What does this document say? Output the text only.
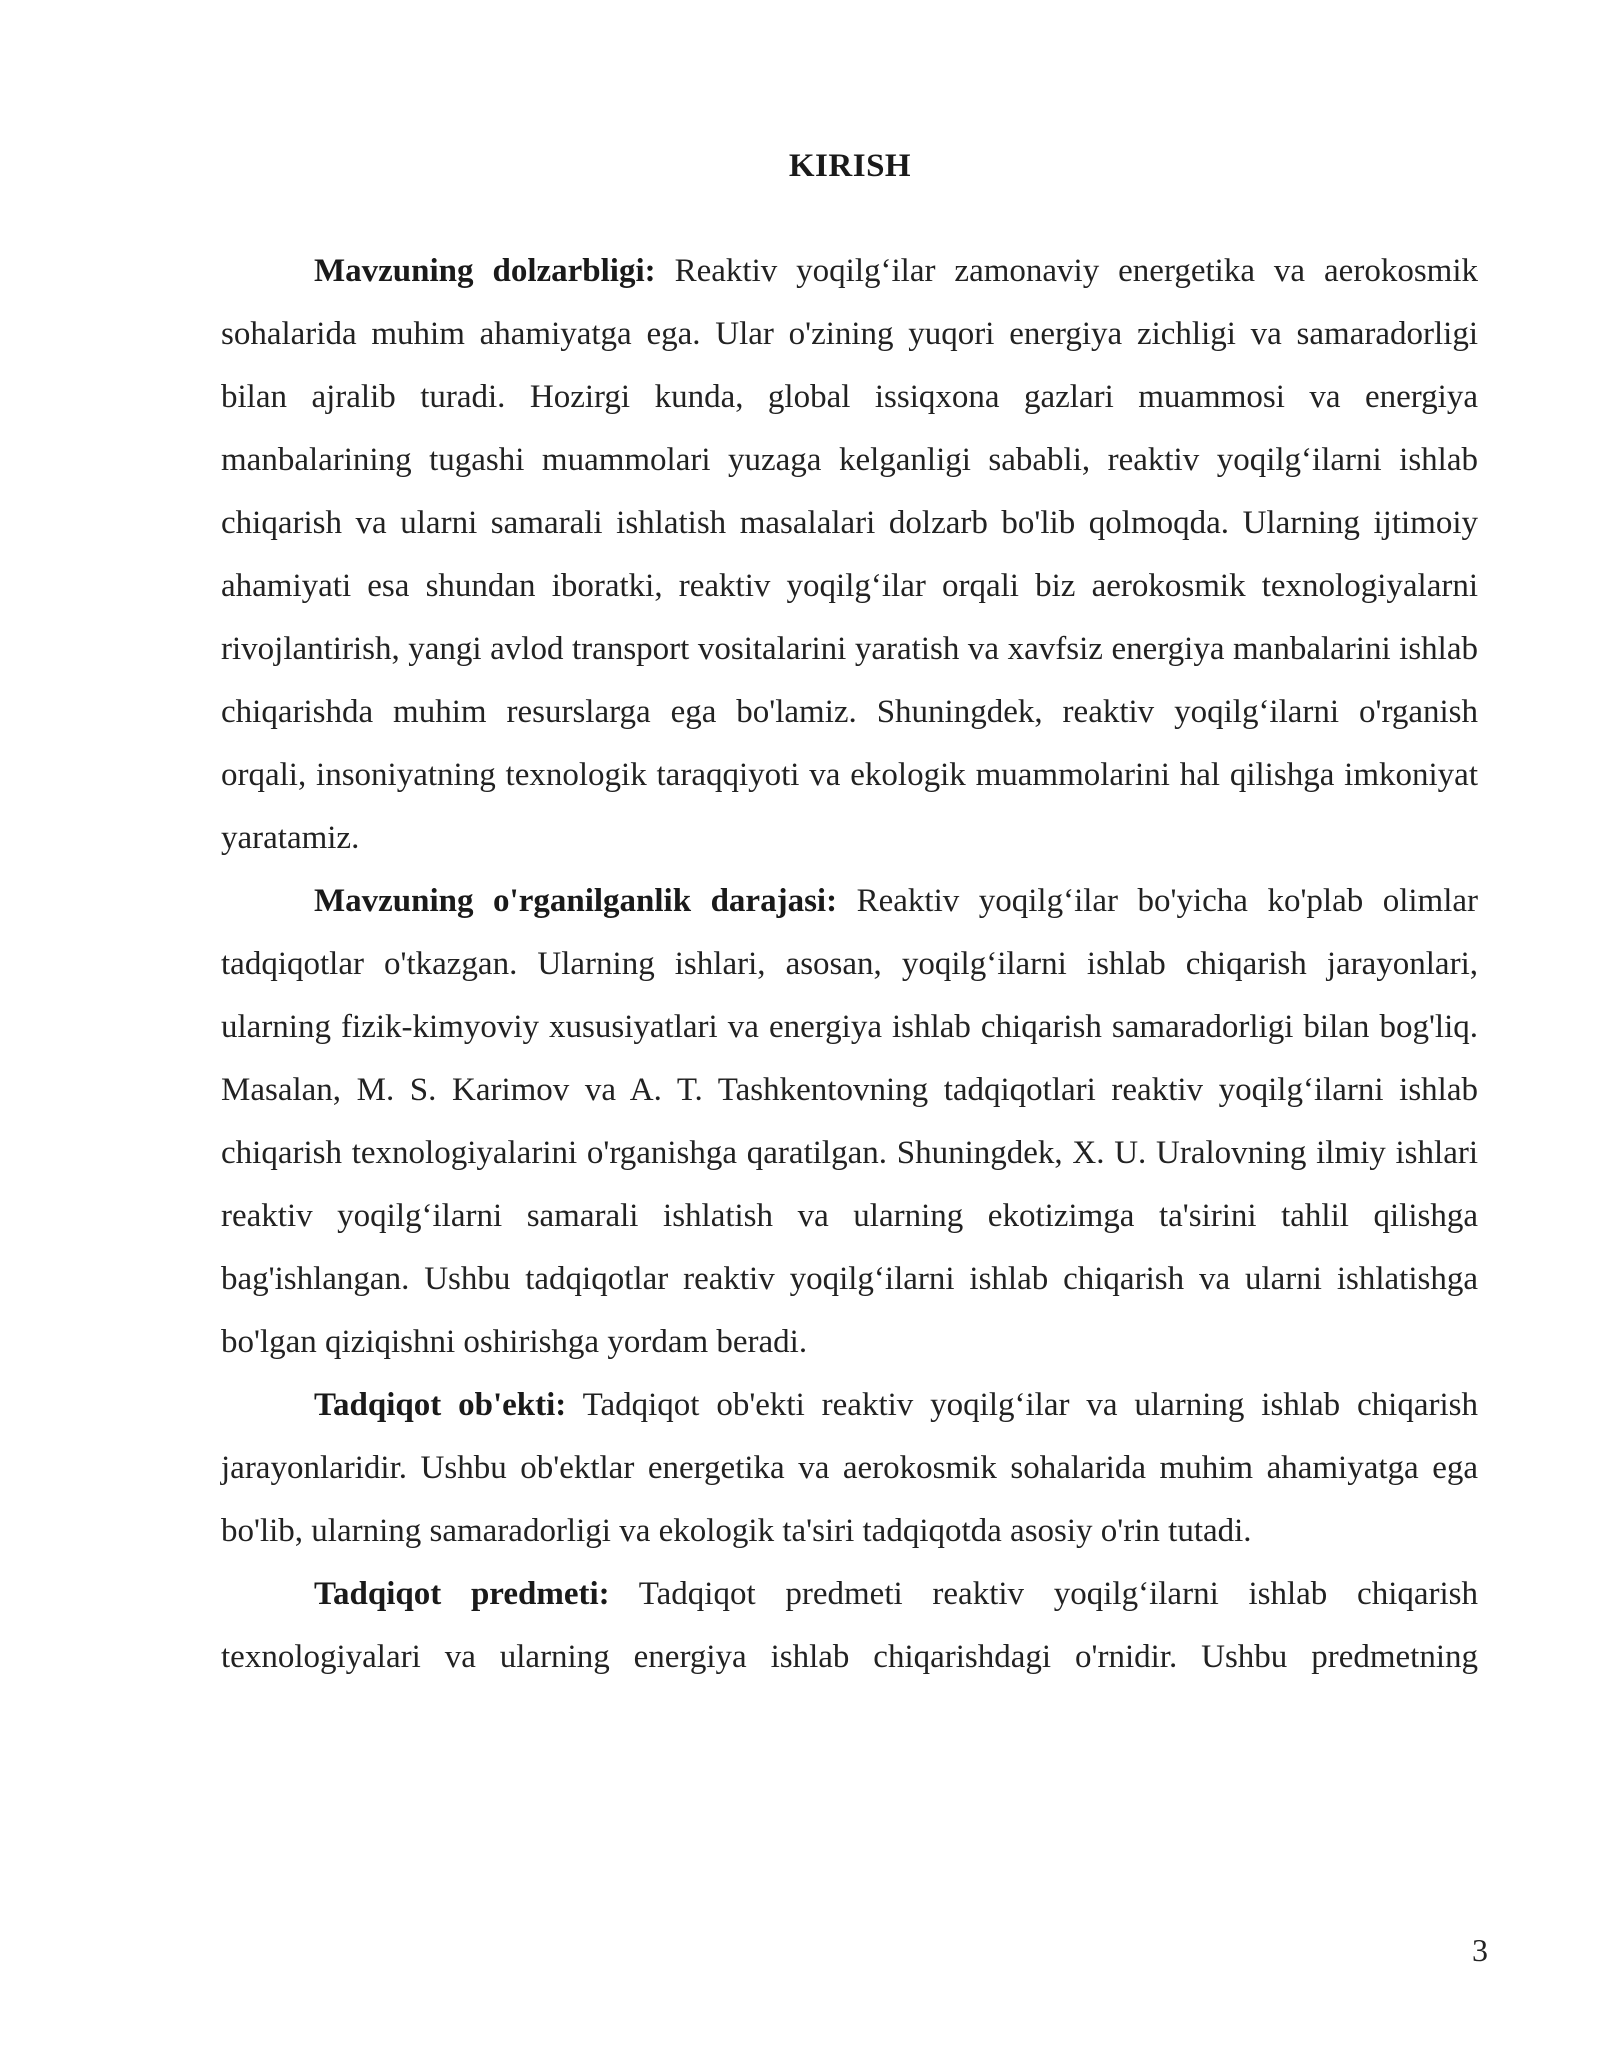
KIRISH

Mavzuning dolzarbligi: Reaktiv yoqilg‘ilar zamonaviy energetika va aerokosmik sohalarida muhim ahamiyatga ega. Ular o'zining yuqori energiya zichligi va samaradorligi bilan ajralib turadi. Hozirgi kunda, global issiqxona gazlari muammosi va energiya manbalarining tugashi muammolari yuzaga kelganligi sababli, reaktiv yoqilg‘ilarni ishlab chiqarish va ularni samarali ishlatish masalalari dolzarb bo'lib qolmoqda. Ularning ijtimoiy ahamiyati esa shundan iboratki, reaktiv yoqilg‘ilar orqali biz aerokosmik texnologiyalarni rivojlantirish, yangi avlod transport vositalarini yaratish va xavfsiz energiya manbalarini ishlab chiqarishda muhim resurslarga ega bo'lamiz. Shuningdek, reaktiv yoqilg‘ilarni o'rganish orqali, insoniyatning texnologik taraqqiyoti va ekologik muammolarini hal qilishga imkoniyat yaratamiz.

Mavzuning o'rganilganlik darajasi: Reaktiv yoqilg‘ilar bo'yicha ko'plab olimlar tadqiqotlar o'tkazgan. Ularning ishlari, asosan, yoqilg‘ilarni ishlab chiqarish jarayonlari, ularning fizik-kimyoviy xususiyatlari va energiya ishlab chiqarish samaradorligi bilan bog'liq. Masalan, M. S. Karimov va A. T. Tashkentovning tadqiqotlari reaktiv yoqilg‘ilarni ishlab chiqarish texnologiyalarini o'rganishga qaratilgan. Shuningdek, X. U. Uralovning ilmiy ishlari reaktiv yoqilg‘ilarni samarali ishlatish va ularning ekotizimga ta'sirini tahlil qilishga bag'ishlangan. Ushbu tadqiqotlar reaktiv yoqilg‘ilarni ishlab chiqarish va ularni ishlatishga bo'lgan qiziqishni oshirishga yordam beradi.

Tadqiqot ob'ekti: Tadqiqot ob'ekti reaktiv yoqilg‘ilar va ularning ishlab chiqarish jarayonlaridir. Ushbu ob'ektlar energetika va aerokosmik sohalarida muhim ahamiyatga ega bo'lib, ularning samaradorligi va ekologik ta'siri tadqiqotda asosiy o'rin tutadi.

Tadqiqot predmeti: Tadqiqot predmeti reaktiv yoqilg‘ilarni ishlab chiqarish texnologiyalari va ularning energiya ishlab chiqarishdagi o'rnidir. Ushbu predmetning

3
